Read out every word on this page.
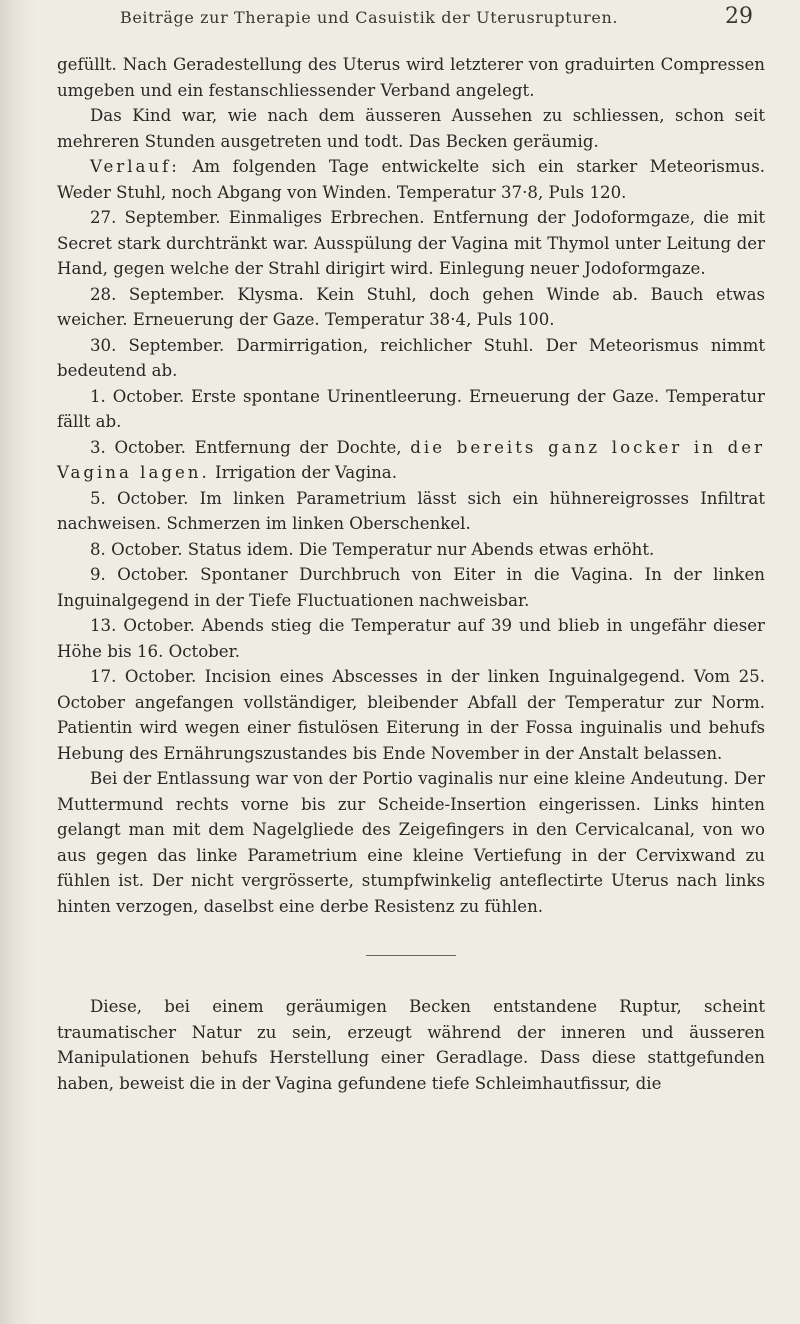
Beiträge zur Therapie und Casuistik der Uterusrupturen.	29

gefüllt. Nach Geradestellung des Uterus wird letzterer von graduirten Compressen umgeben und ein festanschliessender Verband angelegt.

Das Kind war, wie nach dem äusseren Aussehen zu schliessen, schon seit mehreren Stunden ausgetreten und todt. Das Becken geräumig.

Verlauf: Am folgenden Tage entwickelte sich ein starker Meteorismus. Weder Stuhl, noch Abgang von Winden. Temperatur 37·8, Puls 120.

27. September. Einmaliges Erbrechen. Entfernung der Jodoformgaze, die mit Secret stark durchtränkt war. Ausspülung der Vagina mit Thymol unter Leitung der Hand, gegen welche der Strahl dirigirt wird. Einlegung neuer Jodoformgaze.

28. September. Klysma. Kein Stuhl, doch gehen Winde ab. Bauch etwas weicher. Erneuerung der Gaze. Temperatur 38·4, Puls 100.

30. September. Darmirrigation, reichlicher Stuhl. Der Meteorismus nimmt bedeutend ab.

1. October. Erste spontane Urinentleerung. Erneuerung der Gaze. Temperatur fällt ab.

3. October. Entfernung der Dochte, die bereits ganz locker in der Vagina lagen. Irrigation der Vagina.

5. October. Im linken Parametrium lässt sich ein hühnereigrosses Infiltrat nachweisen. Schmerzen im linken Oberschenkel.

8. October. Status idem. Die Temperatur nur Abends etwas erhöht.

9. October. Spontaner Durchbruch von Eiter in die Vagina. In der linken Inguinalgegend in der Tiefe Fluctuationen nachweisbar.

13. October. Abends stieg die Temperatur auf 39 und blieb in ungefähr dieser Höhe bis 16. October.

17. October. Incision eines Abscesses in der linken Inguinalgegend. Vom 25. October angefangen vollständiger, bleibender Abfall der Temperatur zur Norm. Patientin wird wegen einer fistulösen Eiterung in der Fossa inguinalis und behufs Hebung des Ernährungszustandes bis Ende November in der Anstalt belassen.

Bei der Entlassung war von der Portio vaginalis nur eine kleine Andeutung. Der Muttermund rechts vorne bis zur Scheide-Insertion eingerissen. Links hinten gelangt man mit dem Nagelgliede des Zeigefingers in den Cervicalcanal, von wo aus gegen das linke Parametrium eine kleine Vertiefung in der Cervixwand zu fühlen ist. Der nicht vergrösserte, stumpfwinkelig anteflectirte Uterus nach links hinten verzogen, daselbst eine derbe Resistenz zu fühlen.

Diese, bei einem geräumigen Becken entstandene Ruptur, scheint traumatischer Natur zu sein, erzeugt während der inneren und äusseren Manipulationen behufs Herstellung einer Geradlage. Dass diese stattgefunden haben, beweist die in der Vagina gefundene tiefe Schleimhautfissur, die
